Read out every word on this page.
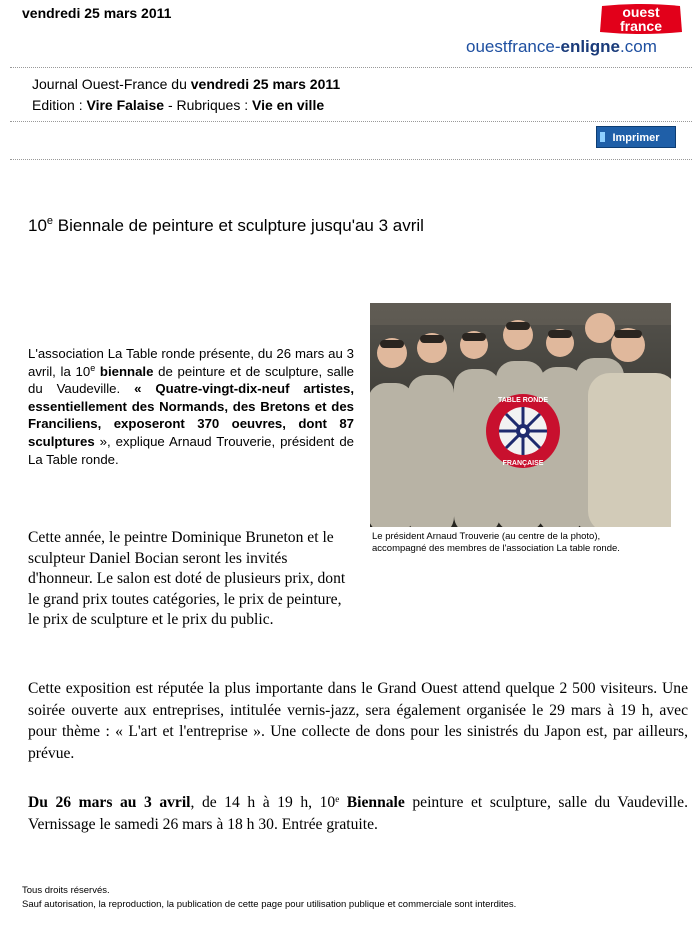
vendredi 25 mars 2011	ouest
france
ouestfrance-enligne.com
Journal Ouest-France du vendredi 25 mars 2011
Edition : Vire Falaise - Rubriques : Vie en ville
Imprimer
10e Biennale de peinture et sculpture jusqu'au 3 avril
TABLE RONDE
FRANÇAISE
Le président Arnaud Trouverie (au centre de la photo),
accompagné des membres de l'association La table ronde.
L'association La Table ronde présente, du 26 mars au 3 avril, la 10e biennale de peinture et de sculpture, salle du Vaudeville. « Quatre-vingt-dix-neuf artistes, essentiellement des Normands, des Bretons et des Franciliens, exposeront 370 oeuvres, dont 87 sculptures », explique Arnaud Trouverie, président de La Table ronde.
Cette année, le peintre Dominique Bruneton et le sculpteur Daniel Bocian seront les invités d'honneur. Le salon est doté de plusieurs prix, dont le grand prix toutes catégories, le prix de peinture, le prix de sculpture et le prix du public.
Cette exposition est réputée la plus importante dans le Grand Ouest attend quelque 2 500 visiteurs. Une soirée ouverte aux entreprises, intitulée vernis-jazz, sera également organisée le 29 mars à 19 h, avec pour thème : « L'art et l'entreprise ». Une collecte de dons pour les sinistrés du Japon est, par ailleurs, prévue.
Du 26 mars au 3 avril, de 14 h à 19 h, 10e Biennale peinture et sculpture, salle du Vaudeville. Vernissage le samedi 26 mars à 18 h 30. Entrée gratuite.
Tous droits réservés.
Sauf autorisation, la reproduction, la publication de cette page pour utilisation publique et commerciale sont interdites.
